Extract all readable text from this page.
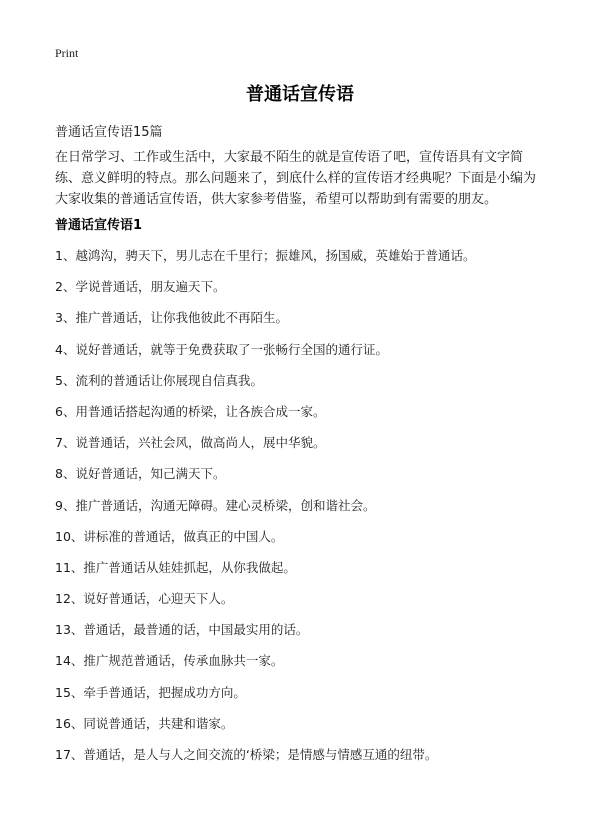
Print
普通话宣传语
普通话宣传语15篇

在日常学习、工作或生活中，大家最不陌生的就是宣传语了吧，宣传语具有文字简练、意义鲜明的特点。那么问题来了，到底什么样的宣传语才经典呢？下面是小编为大家收集的普通话宣传语，供大家参考借鉴，希望可以帮助到有需要的朋友。

普通话宣传语1
1、越鸿沟，骋天下，男儿志在千里行；振雄风，扬国威，英雄始于普通话。
2、学说普通话，朋友遍天下。
3、推广普通话，让你我他彼此不再陌生。
4、说好普通话，就等于免费获取了一张畅行全国的通行证。
5、流利的普通话让你展现自信真我。
6、用普通话搭起沟通的桥梁，让各族合成一家。
7、说普通话，兴社会风，做高尚人，展中华貌。
8、说好普通话，知己满天下。
9、推广普通话，沟通无障碍。建心灵桥梁，创和谐社会。
10、讲标准的普通话，做真正的中国人。
11、推广普通话从娃娃抓起，从你我做起。
12、说好普通话，心迎天下人。
13、普通话，最普通的话，中国最实用的话。
14、推广规范普通话，传承血脉共一家。
15、牵手普通话，把握成功方向。
16、同说普通话，共建和谐家。
17、普通话，是人与人之间交流的‘桥梁；是情感与情感互通的纽带。
